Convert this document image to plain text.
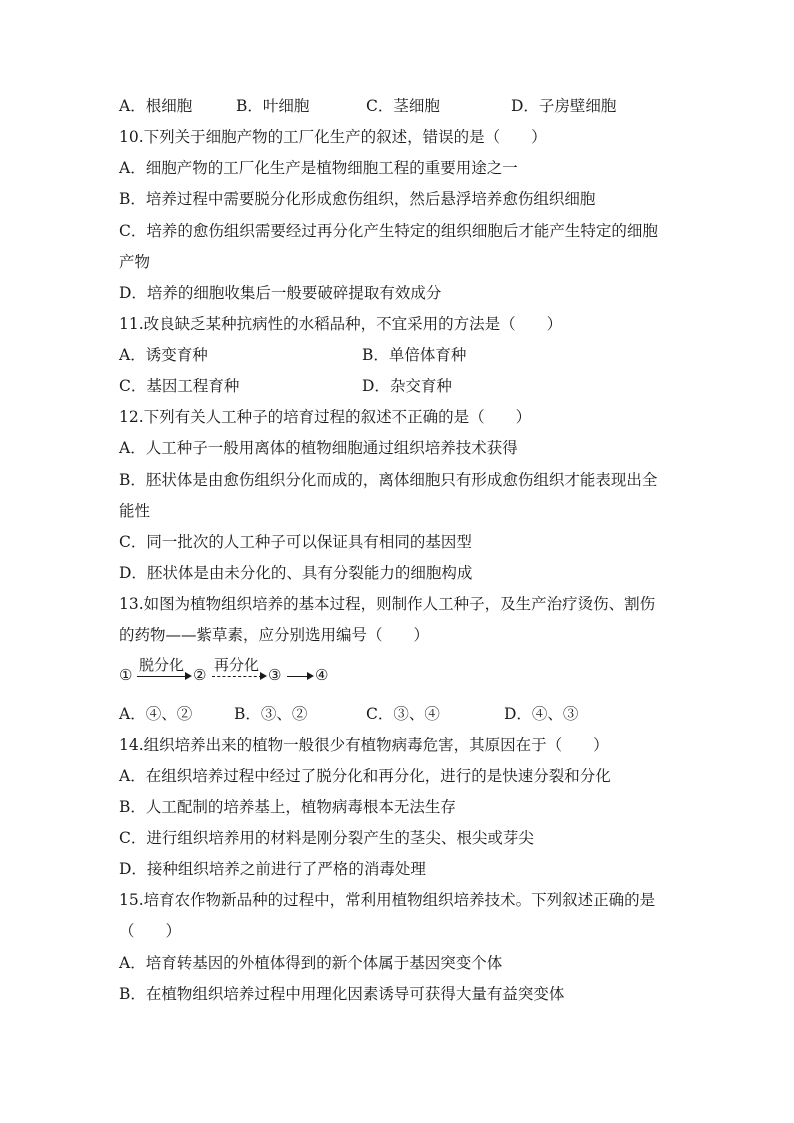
A．根细胞	B．叶细胞	C．茎细胞	D．子房壁细胞
10.下列关于细胞产物的工厂化生产的叙述，错误的是（　　）
A．细胞产物的工厂化生产是植物细胞工程的重要用途之一
B．培养过程中需要脱分化形成愈伤组织，然后悬浮培养愈伤组织细胞
C．培养的愈伤组织需要经过再分化产生特定的组织细胞后才能产生特定的细胞
产物
D．培养的细胞收集后一般要破碎提取有效成分
11.改良缺乏某种抗病性的水稻品种，不宜采用的方法是（　　）
A．诱变育种	B．单倍体育种
C．基因工程育种	D．杂交育种
12.下列有关人工种子的培育过程的叙述不正确的是（　　）
A．人工种子一般用离体的植物细胞通过组织培养技术获得
B．胚状体是由愈伤组织分化而成的，离体细胞只有形成愈伤组织才能表现出全
能性
C．同一批次的人工种子可以保证具有相同的基因型
D．胚状体是由未分化的、具有分裂能力的细胞构成
13.如图为植物组织培养的基本过程，则制作人工种子，及生产治疗烫伤、割伤
的药物——紫草素，应分别选用编号（　　）
①
脱分化
②
再分化
③ ④
A．④、②	B．③、②	C．③、④	D．④、③
14.组织培养出来的植物一般很少有植物病毒危害，其原因在于（　　）
A．在组织培养过程中经过了脱分化和再分化，进行的是快速分裂和分化
B．人工配制的培养基上，植物病毒根本无法生存
C．进行组织培养用的材料是刚分裂产生的茎尖、根尖或芽尖
D．接种组织培养之前进行了严格的消毒处理
15.培育农作物新品种的过程中，常利用植物组织培养技术。下列叙述正确的是
（　　）
A．培育转基因的外植体得到的新个体属于基因突变个体
B．在植物组织培养过程中用理化因素诱导可获得大量有益突变体
